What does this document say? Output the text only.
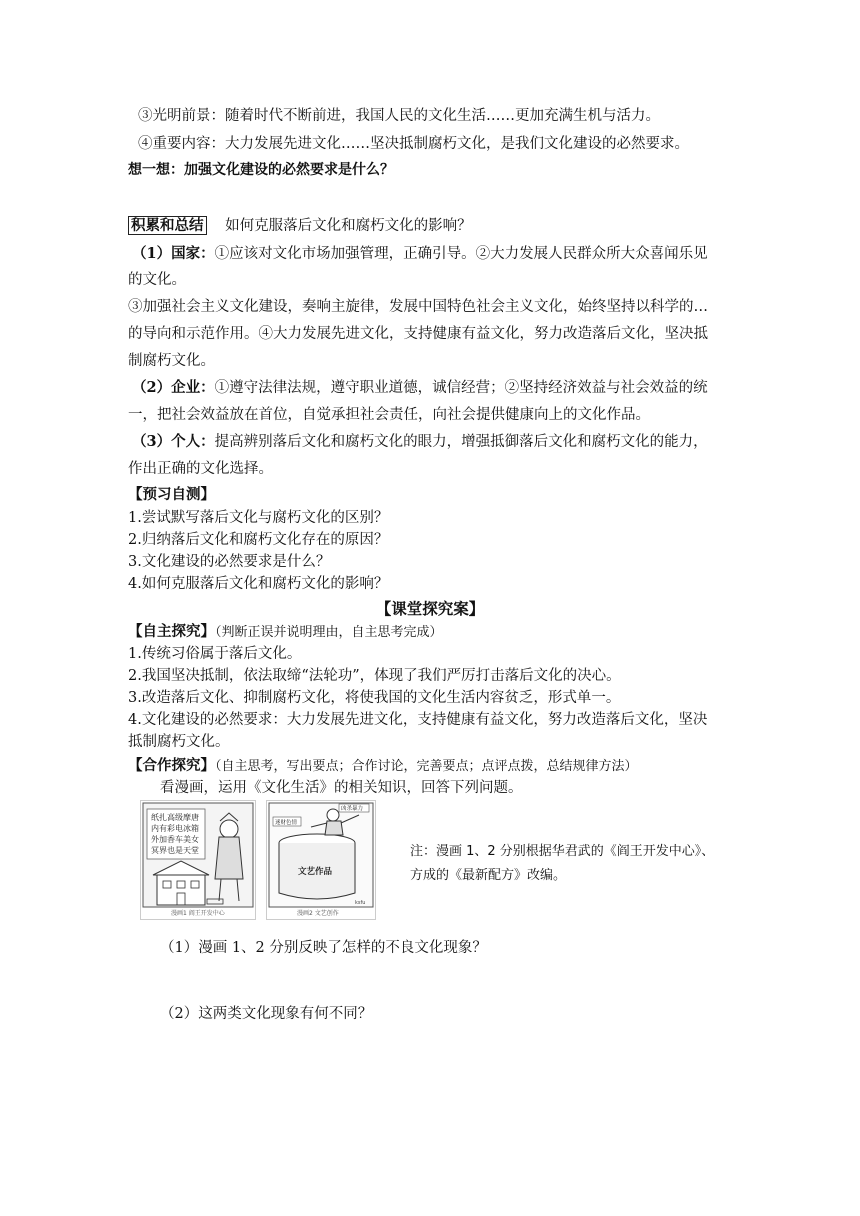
③光明前景：随着时代不断前进，我国人民的文化生活……更加充满生机与活力。
④重要内容：大力发展先进文化……坚决抵制腐朽文化，是我们文化建设的必然要求。
想一想：加强文化建设的必然要求是什么？
积累和总结 如何克服落后文化和腐朽文化的影响？
（1）国家：①应该对文化市场加强管理，正确引导。②大力发展人民群众所大众喜闻乐见
的文化。
③加强社会主义文化建设，奏响主旋律，发展中国特色社会主义文化，始终坚持以科学的…
的导向和示范作用。④大力发展先进文化，支持健康有益文化，努力改造落后文化，坚决抵
制腐朽文化。
（2）企业：①遵守法律法规，遵守职业道德，诚信经营；②坚持经济效益与社会效益的统
一，把社会效益放在首位，自觉承担社会责任，向社会提供健康向上的文化作品。
（3）个人：提高辨别落后文化和腐朽文化的眼力，增强抵御落后文化和腐朽文化的能力，
作出正确的文化选择。
【预习自测】
1.尝试默写落后文化与腐朽文化的区别？
2.归纳落后文化和腐朽文化存在的原因？
3.文化建设的必然要求是什么？
4.如何克服落后文化和腐朽文化的影响？
【课堂探究案】
【自主探究】（判断正误并说明理由，自主思考完成）
1.传统习俗属于落后文化。
2.我国坚决抵制，依法取缔“法轮功”，体现了我们严厉打击落后文化的决心。
3.改造落后文化、抑制腐朽文化，将使我国的文化生活内容贫乏，形式单一。
4.文化建设的必然要求：大力发展先进文化，支持健康有益文化，努力改造落后文化，坚决
抵制腐朽文化。
【合作探究】（自主思考，写出要点；合作讨论，完善要点；点评点拨，总结规律方法）
看漫画，运用《文化生活》的相关知识，回答下列问题。
纸扎高级摩唐
内有彩电冰箱
外加香车美女
冥界也是天堂
漫画1 阎王开发中心
文艺作品
迷财色情
凶杀暴力
ksfu
漫画2 文艺创作
注：漫画 1、2 分别根据华君武的《阎王开发中心》、
方成的《最新配方》改编。
（1）漫画 1、2 分别反映了怎样的不良文化现象？
（2）这两类文化现象有何不同？
